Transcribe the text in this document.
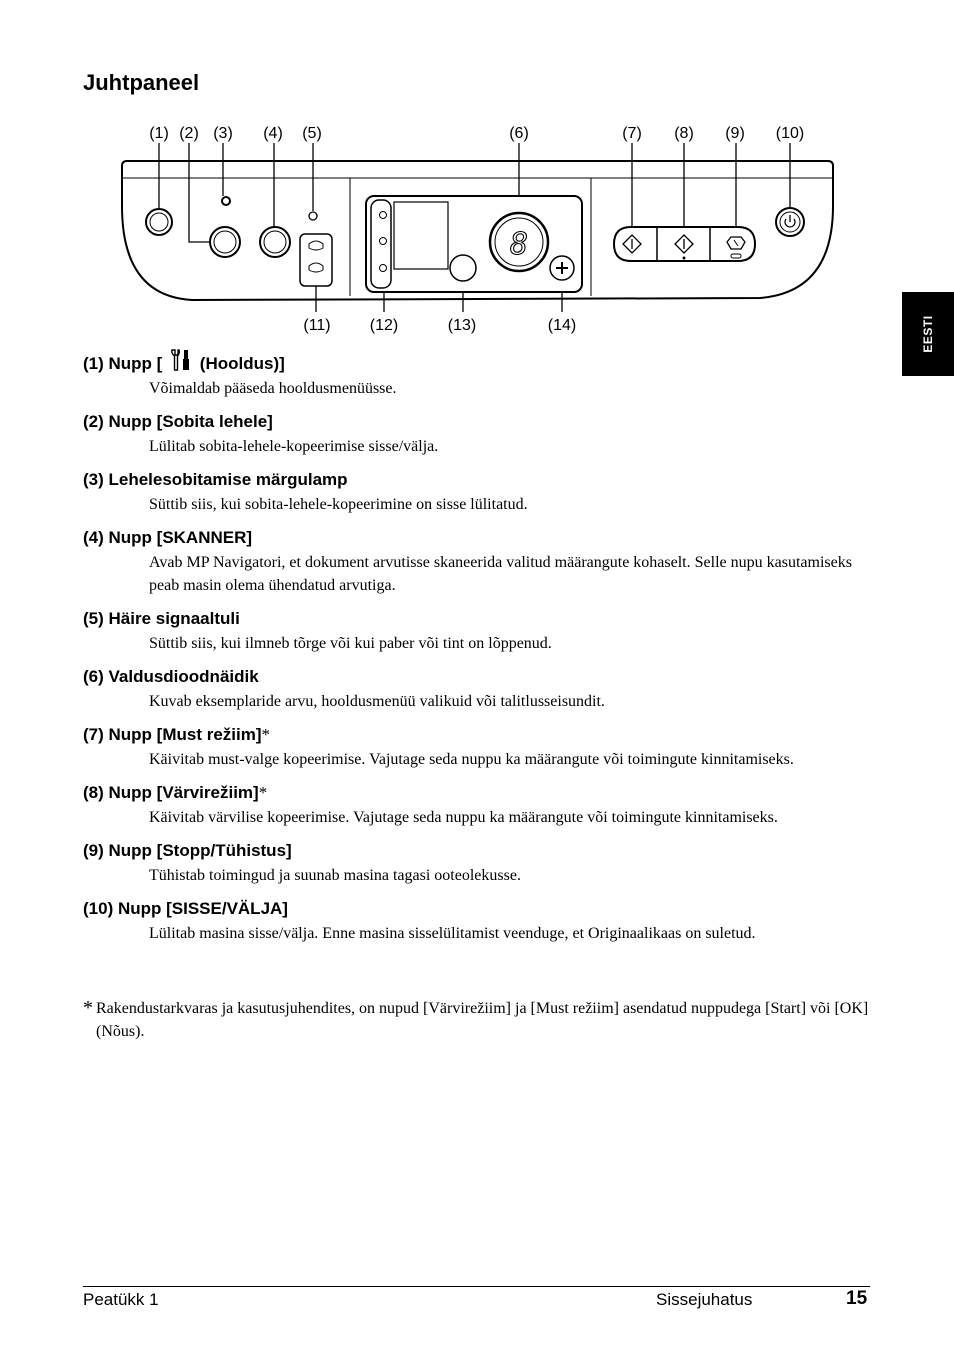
Juhtpaneel
8
(1) (2) (3) (4) (5)	(6)	(7) (8) (9) (10)
(11) (12)	(13)	(14)	EESTI
(1) Nupp [ (Hooldus)]

Võimaldab pääseda hooldusmenüüsse.

(2) Nupp [Sobita lehele]

Lülitab sobita-lehele-kopeerimise sisse/välja.

(3) Lehelesobitamise märgulamp

Süttib siis, kui sobita-lehele-kopeerimine on sisse lülitatud.

(4) Nupp [SKANNER]

Avab MP Navigatori, et dokument arvutisse skaneerida valitud määrangute kohaselt. Selle nupu kasutamiseks peab masin olema ühendatud arvutiga.

(5) Häire signaaltuli

Süttib siis, kui ilmneb tõrge või kui paber või tint on lõppenud.

(6) Valdusdioodnäidik

Kuvab eksemplaride arvu, hooldusmenüü valikuid või talitlusseisundit.

(7) Nupp [Must režiim]*

Käivitab must-valge kopeerimise. Vajutage seda nuppu ka määrangute või toimingute kinnitamiseks.

(8) Nupp [Värvirežiim]*

Käivitab värvilise kopeerimise. Vajutage seda nuppu ka määrangute või toimingute kinnitamiseks.

(9) Nupp [Stopp/Tühistus]

Tühistab toimingud ja suunab masina tagasi ooteolekusse.

(10) Nupp [SISSE/VÄLJA]

Lülitab masina sisse/välja. Enne masina sisselülitamist veenduge, et Originaalikaas on suletud.

* Rakendustarkvaras ja kasutusjuhendites, on nupud [Värvirežiim] ja [Must režiim] asendatud nuppudega [Start] või [OK] (Nõus).
Peatükk 1	Sissejuhatus	15
